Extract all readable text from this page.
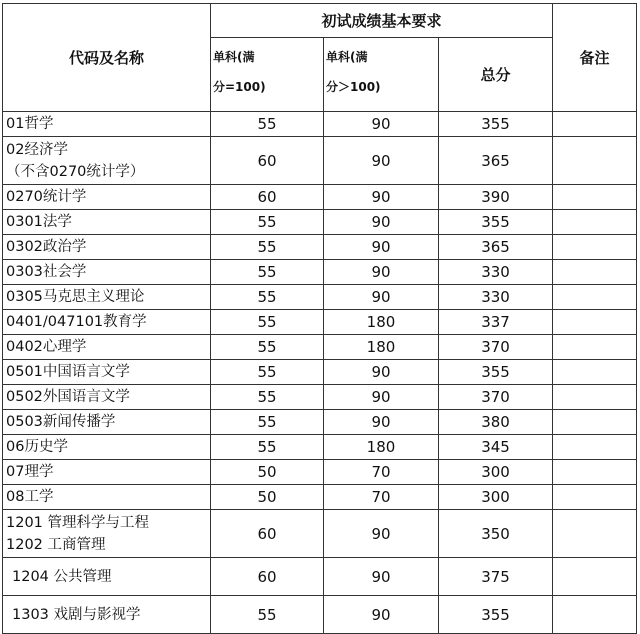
代码及名称	初试成绩基本要求			备注

	单科(满
分=100)	单科(满
分＞100)	总分	

01哲学	55	90	355	

02经济学
（不含0270统计学）	60	90	365	

0270统计学	60	90	390	

0301法学	55	90	355	

0302政治学	55	90	365	

0303社会学	55	90	330	

0305马克思主义理论	55	90	330	

0401/047101教育学	55	180	337	

0402心理学	55	180	370	

0501中国语言文学	55	90	355	

0502外国语言文学	55	90	370	

0503新闻传播学	55	90	380	

06历史学	55	180	345	

07理学	50	70	300	

08工学	50	70	300	

1201 管理科学与工程
1202 工商管理	60	90	350	

1204 公共管理	60	90	375	

1303 戏剧与影视学	55	90	355	
